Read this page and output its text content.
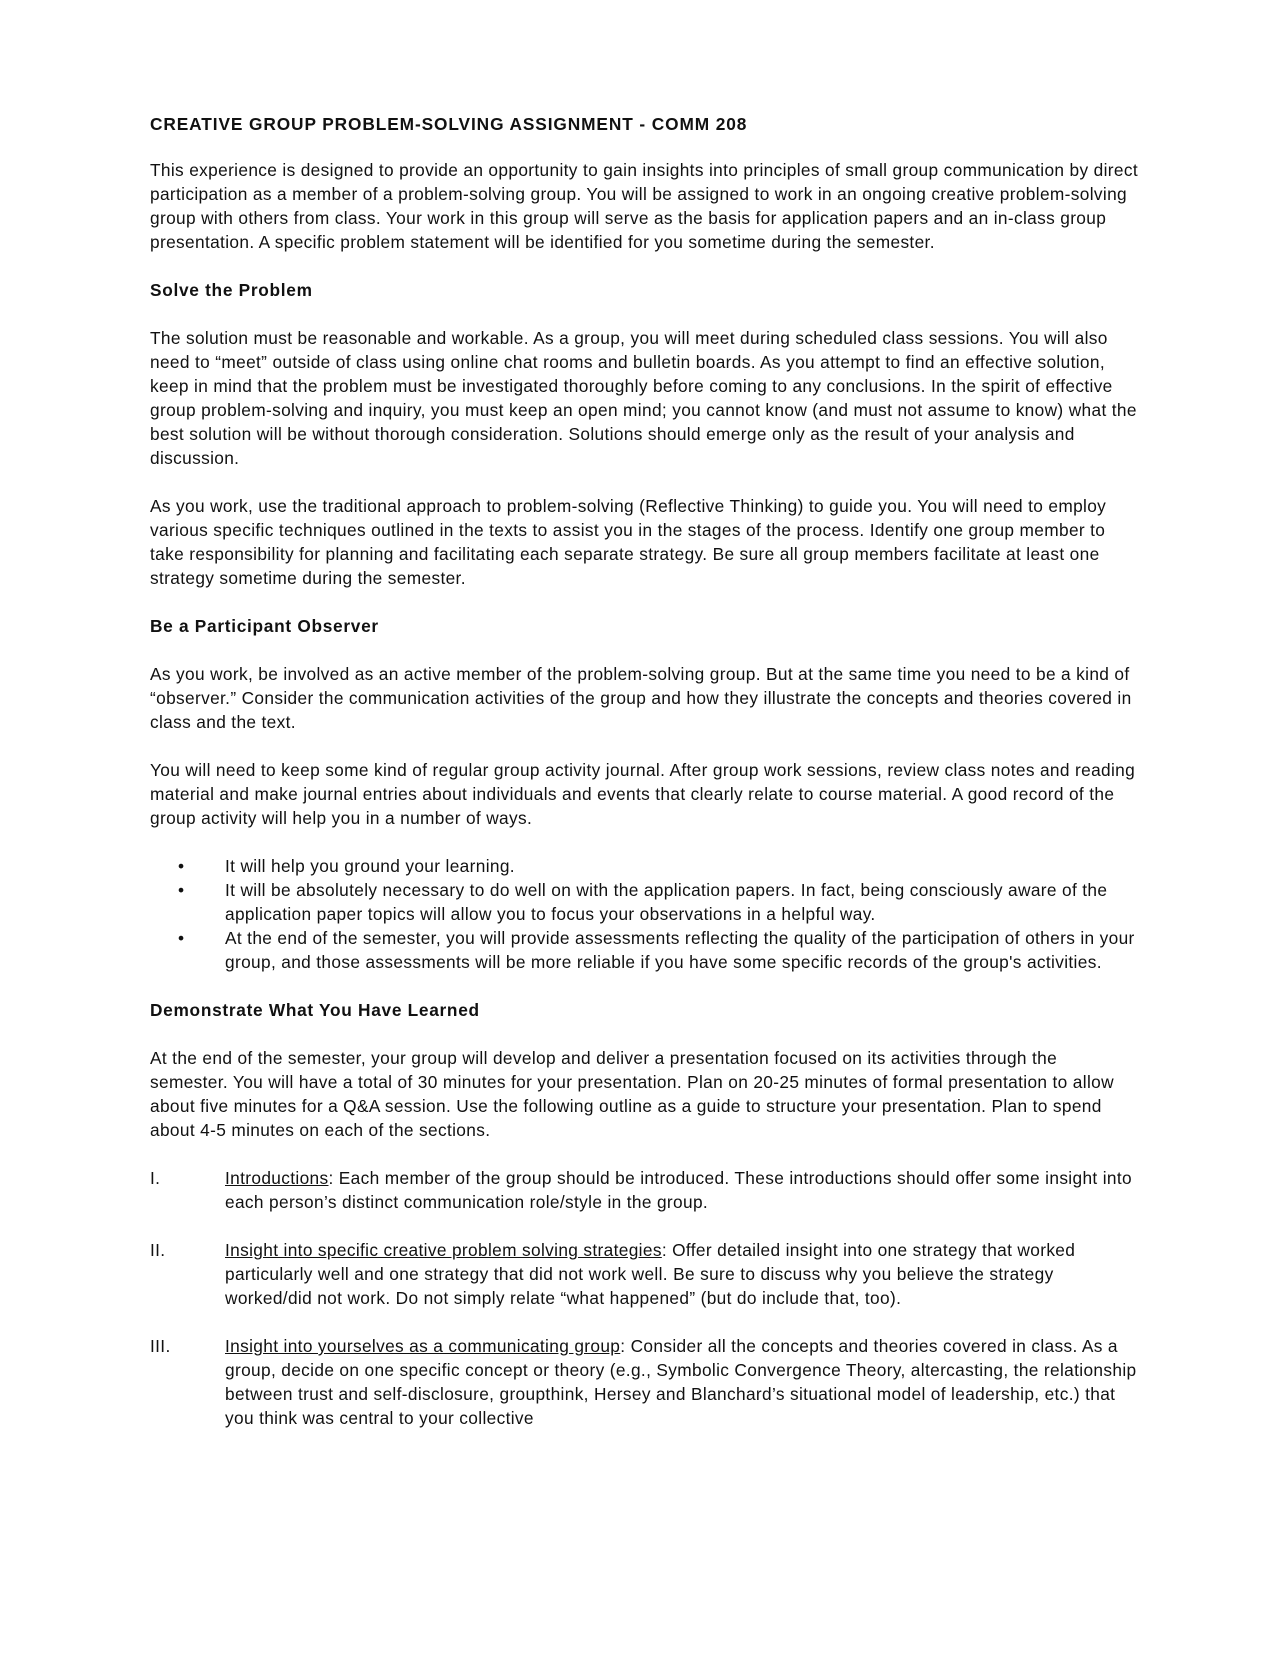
CREATIVE GROUP PROBLEM-SOLVING ASSIGNMENT - COMM 208

This experience is designed to provide an opportunity to gain insights into principles of small group communication by direct participation as a member of a problem-solving group. You will be assigned to work in an ongoing creative problem-solving group with others from class. Your work in this group will serve as the basis for application papers and an in-class group presentation. A specific problem statement will be identified for you sometime during the semester.

Solve the Problem

The solution must be reasonable and workable. As a group, you will meet during scheduled class sessions. You will also need to “meet” outside of class using online chat rooms and bulletin boards. As you attempt to find an effective solution, keep in mind that the problem must be investigated thoroughly before coming to any conclusions. In the spirit of effective group problem-solving and inquiry, you must keep an open mind; you cannot know (and must not assume to know) what the best solution will be without thorough consideration. Solutions should emerge only as the result of your analysis and discussion.

As you work, use the traditional approach to problem-solving (Reflective Thinking) to guide you. You will need to employ various specific techniques outlined in the texts to assist you in the stages of the process. Identify one group member to take responsibility for planning and facilitating each separate strategy. Be sure all group members facilitate at least one strategy sometime during the semester.

Be a Participant Observer

As you work, be involved as an active member of the problem-solving group. But at the same time you need to be a kind of “observer.” Consider the communication activities of the group and how they illustrate the concepts and theories covered in class and the text.

You will need to keep some kind of regular group activity journal. After group work sessions, review class notes and reading material and make journal entries about individuals and events that clearly relate to course material. A good record of the group activity will help you in a number of ways.

• It will help you ground your learning.
• It will be absolutely necessary to do well on with the application papers. In fact, being consciously aware of the application paper topics will allow you to focus your observations in a helpful way.
• At the end of the semester, you will provide assessments reflecting the quality of the participation of others in your group, and those assessments will be more reliable if you have some specific records of the group's activities.
Demonstrate What You Have Learned

At the end of the semester, your group will develop and deliver a presentation focused on its activities through the semester. You will have a total of 30 minutes for your presentation. Plan on 20-25 minutes of formal presentation to allow about five minutes for a Q&A session. Use the following outline as a guide to structure your presentation. Plan to spend about 4-5 minutes on each of the sections.

I.	Introductions: Each member of the group should be introduced. These introductions should offer some insight into each person’s distinct communication role/style in the group.
II.	Insight into specific creative problem solving strategies: Offer detailed insight into one strategy that worked particularly well and one strategy that did not work well. Be sure to discuss why you believe the strategy worked/did not work. Do not simply relate “what happened” (but do include that, too).
III.	Insight into yourselves as a communicating group: Consider all the concepts and theories covered in class. As a group, decide on one specific concept or theory (e.g., Symbolic Convergence Theory, altercasting, the relationship between trust and self-disclosure, groupthink, Hersey and Blanchard’s situational model of leadership, etc.) that you think was central to your collective
